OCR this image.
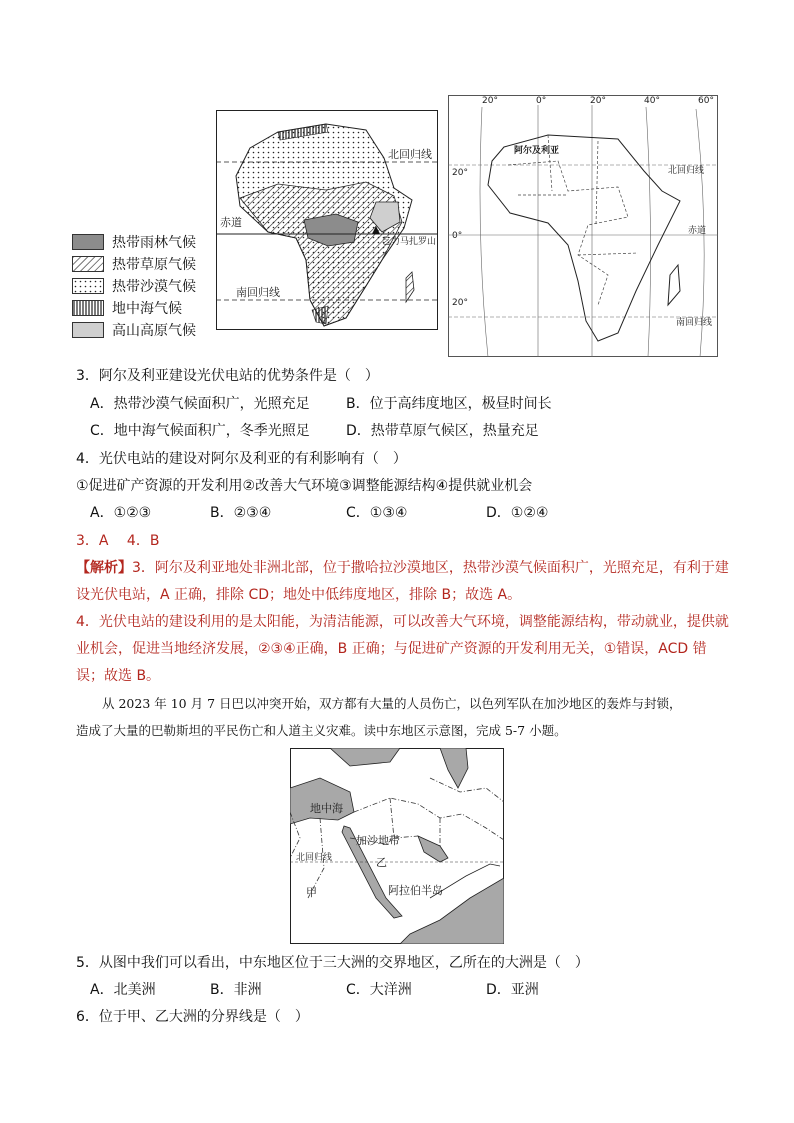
北回归线
赤道
南回归线
乞力马扎罗山
热带雨林气候
热带草原气候
热带沙漠气候
地中海气候
高山高原气候
20°	0°	20°	40°	60°
20°
0°
20°
阿尔及利亚
北回归线
赤道
南回归线
3．阿尔及利亚建设光伏电站的优势条件是（　）
A．热带沙漠气候面积广，光照充足	B．位于高纬度地区，极昼时间长
C．地中海气候面积广，冬季光照足	D．热带草原气候区，热量充足
4．光伏电站的建设对阿尔及利亚的有利影响有（　）
①促进矿产资源的开发利用②改善大气环境③调整能源结构④提供就业机会
A．①②③	B．②③④	C．①③④	D．①②④
3．A　 4．B
【解析】3．阿尔及利亚地处非洲北部，位于撒哈拉沙漠地区，热带沙漠气候面积广，光照充足，有利于建
设光伏电站，A 正确，排除 CD；地处中低纬度地区，排除 B；故选 A。
4．光伏电站的建设利用的是太阳能，为清洁能源，可以改善大气环境，调整能源结构，带动就业，提供就
业机会，促进当地经济发展，②③④正确，B 正确；与促进矿产资源的开发利用无关，①错误，ACD 错
误；故选 B。
从 2023 年 10 月 7 日巴以冲突开始，双方都有大量的人员伤亡，以色列军队在加沙地区的轰炸与封锁，
造成了大量的巴勒斯坦的平民伤亡和人道主义灾难。读中东地区示意图，完成 5-7 小题。
地中海
加沙地带
乙
北回归线
甲	阿拉伯半岛
5．从图中我们可以看出，中东地区位于三大洲的交界地区，乙所在的大洲是（　）
A．北美洲	B．非洲	C．大洋洲	D．亚洲
6．位于甲、乙大洲的分界线是（　）
